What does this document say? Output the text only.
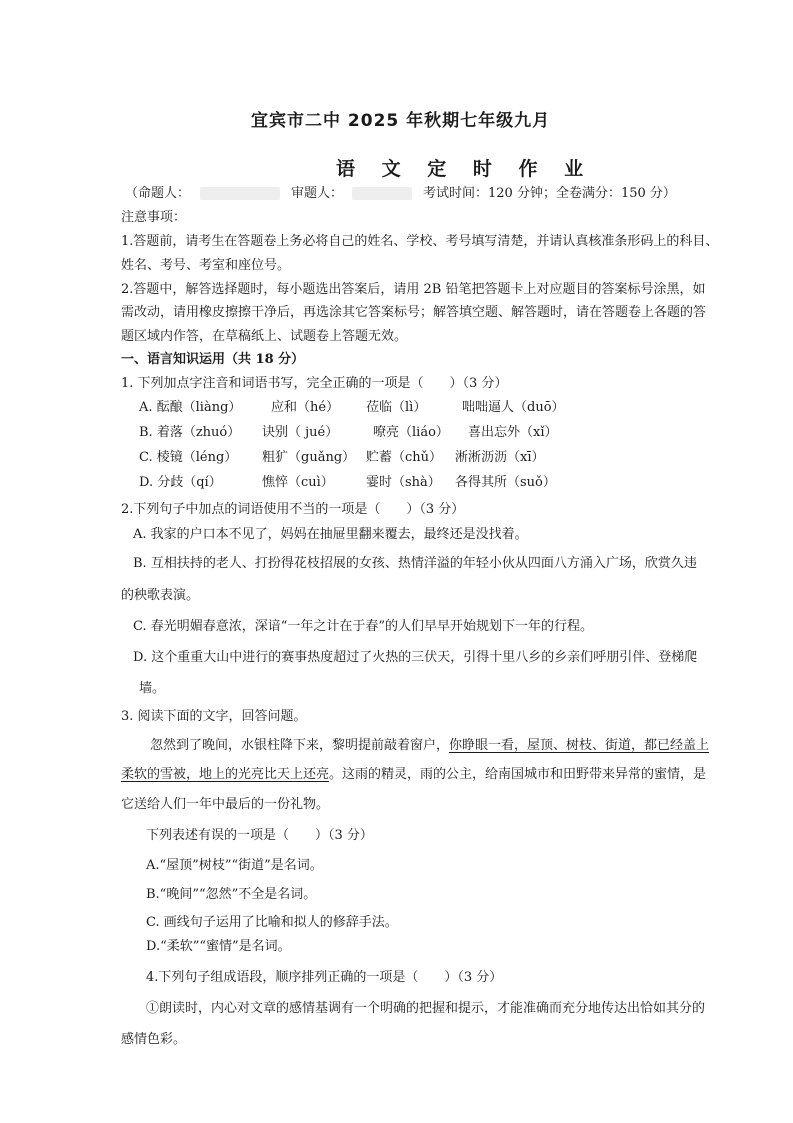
宜宾市二中 2025 年秋期七年级九月
语 文 定 时 作 业
（命题人：	审题人：	考试时间：120 分钟；全卷满分：150 分）
注意事项：
1.答题前，请考生在答题卷上务必将自己的姓名、学校、考号填写清楚，并请认真核准条形码上的科目、
姓名、考号、考室和座位号。
2.答题中，解答选择题时，每小题选出答案后，请用 2B 铅笔把答题卡上对应题目的答案标号涂黑，如
需改动，请用橡皮擦擦干净后，再选涂其它答案标号；解答填空题、解答题时，请在答题卷上各题的答
题区域内作答，在草稿纸上、试题卷上答题无效。
一、语言知识运用（共 18 分）
1. 下列加点字注音和词语书写，完全正确的一项是（　　）（3 分）
A. 酝酿（liàng） 应和（hé） 莅临（lì）	咄咄逼人（duō）
B. 着落（zhuó） 诀别（ jué）	嘹亮（liáo） 喜出忘外（xǐ）
C. 棱镜（léng） 粗犷（guǎng） 贮蓄（chǔ） 淅淅沥沥（xī）
D. 分歧（qí）	憔悴（cuì） 霎时（shà） 各得其所（suǒ）
2.下列句子中加点的词语使用不当的一项是（　　）（3 分）
A. 我家的户口本不见了，妈妈在抽屉里翻来覆去，最终还是没找着。
B. 互相扶持的老人、打扮得花枝招展的女孩、热情洋溢的年轻小伙从四面八方涌入广场，欣赏久违
的秧歌表演。
C. 春光明媚春意浓，深谙“一年之计在于春”的人们早早开始规划下一年的行程。
D. 这个重重大山中进行的赛事热度超过了火热的三伏天，引得十里八乡的乡亲们呼朋引伴、登梯爬
墙。
3. 阅读下面的文字，回答问题。
忽然到了晚间，水银柱降下来，黎明提前敲着窗户，你睁眼一看，屋顶、树枝、街道，都已经盖上
柔软的雪被，地上的光亮比天上还亮。这雨的精灵，雨的公主，给南国城市和田野带来异常的蜜情，是
它送给人们一年中最后的一份礼物。
下列表述有误的一项是（　　）（3 分）
A.“屋顶”树枝”“街道”是名词。
B.“晚间”“忽然”不全是名词。
C. 画线句子运用了比喻和拟人的修辞手法。
D.“柔软”“蜜情”是名词。
4.下列句子组成语段，顺序排列正确的一项是（　　）（3 分）
①朗读时，内心对文章的感情基调有一个明确的把握和提示，才能准确而充分地传达出恰如其分的
感情色彩。
